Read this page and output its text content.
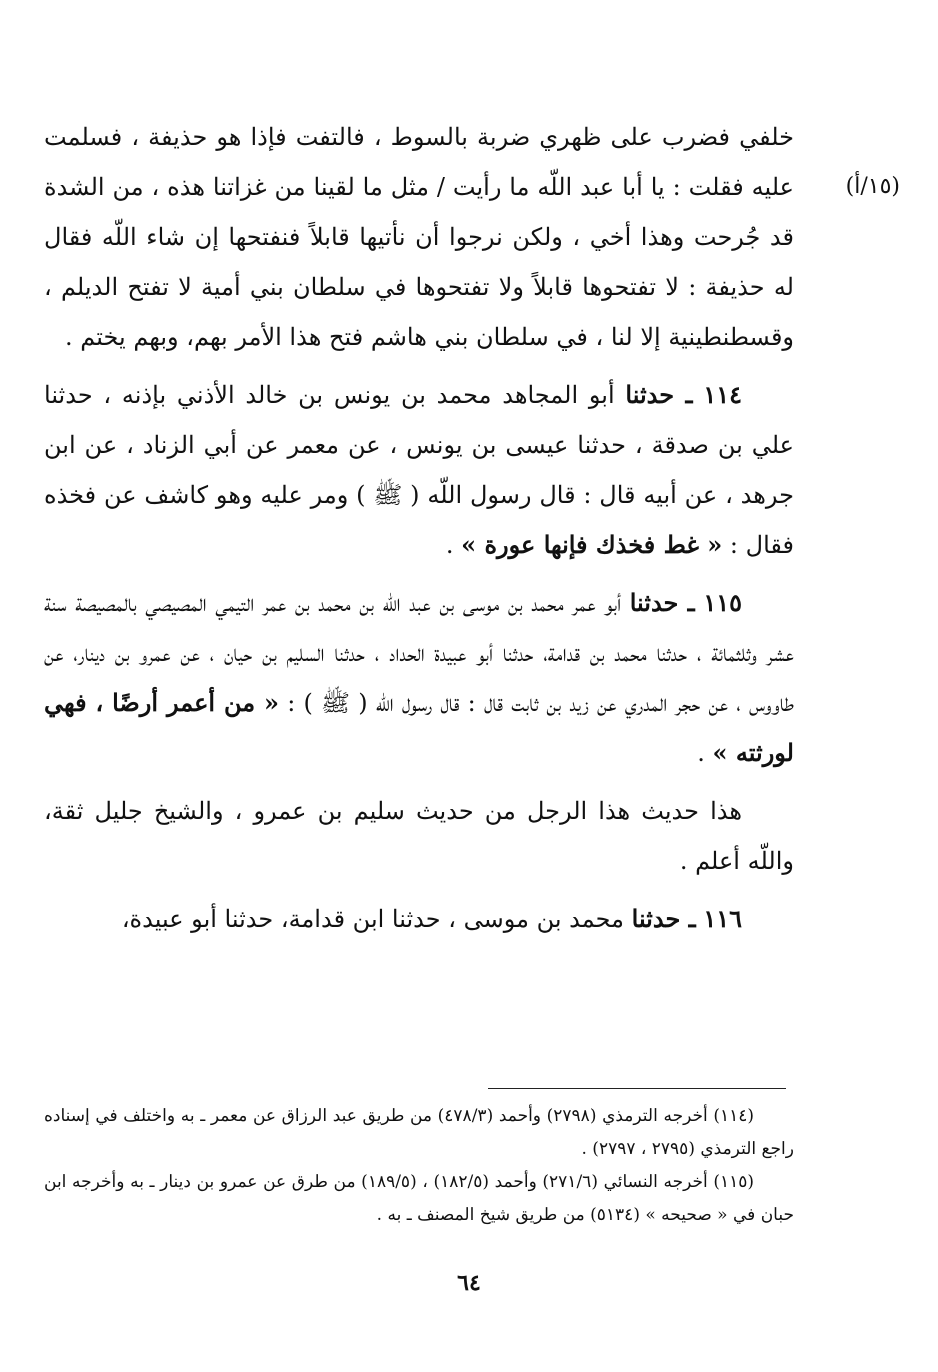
(١٥/أ)

خلفي فضرب على ظهري ضربة بالسوط ، فالتفت فإذا هو حذيفة ، فسلمت عليه فقلت : يا أبا عبد اللّه ما رأيت / مثل ما لقينا من غزاتنا هذه ، من الشدة قد جُرحت وهذا أخي ، ولكن نرجوا أن نأتيها قابلاً فنفتحها إن شاء اللّه فقال له حذيفة : لا تفتحوها قابلاً ولا تفتحوها في سلطان بني أمية لا تفتح الديلم ، وقسطنطينية إلا لنا ، في سلطان بني هاشم فتح هذا الأمر بهم، وبهم يختم .

١١٤ ـ حدثنا أبو المجاهد محمد بن يونس بن خالد الأذني بإذنه ، حدثنا علي بن صدقة ، حدثنا عيسى بن يونس ، عن معمر عن أبي الزناد ، عن ابن جرهد ، عن أبيه قال : قال رسول اللّه ( ﷺ ) ومر عليه وهو كاشف عن فخذه فقال : « غط فخذك فإنها عورة » .

١١٥ ـ حدثنا أبو عمر محمد بن موسى بن عبد اللّه بن محمد بن عمر التيمي المصيصي بالمصيصة سنة عشر وثلثمائة ، حدثنا محمد بن قدامة، حدثنا أبو عبيدة الحداد ، حدثنا السليم بن حيان ، عن عمرو بن دينار، عن طاووس ، عن حجر المدري عن زيد بن ثابت قال : قال رسول اللّه ( ﷺ ) : « من أعمر أرضًا ، فهي لورثته » .

هذا حديث هذا الرجل من حديث سليم بن عمرو ، والشيخ جليل ثقة، واللّه أعلم .

١١٦ ـ حدثنا محمد بن موسى ، حدثنا ابن قدامة، حدثنا أبو عبيدة،

(١١٤) أخرجه الترمذي (٢٧٩٨) وأحمد (٤٧٨/٣) من طريق عبد الرزاق عن معمر ـ به واختلف في إسناده راجع الترمذي (٢٧٩٥ ، ٢٧٩٧) .

(١١٥) أخرجه النسائي (٢٧١/٦) وأحمد (١٨٢/٥) ، (١٨٩/٥) من طرق عن عمرو بن دينار ـ به وأخرجه ابن حبان في « صحيحه » (٥١٣٤) من طريق شيخ المصنف ـ به .

٦٤
